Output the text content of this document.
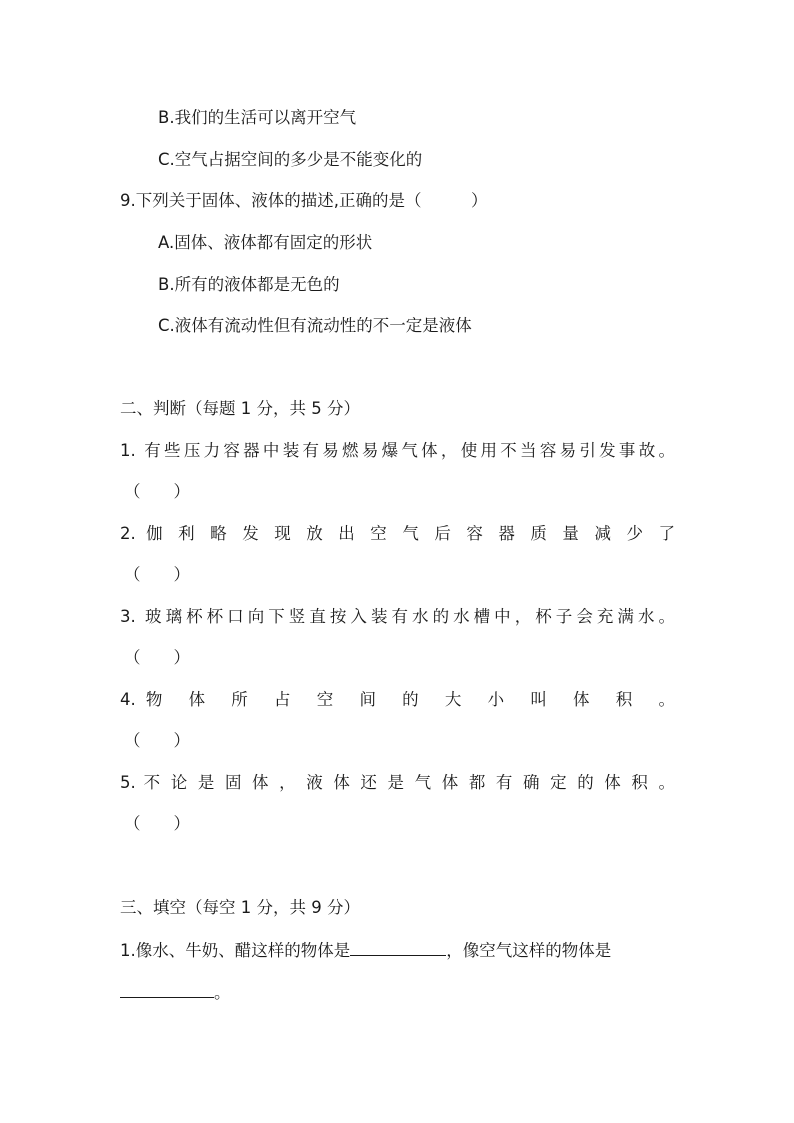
B.我们的生活可以离开空气
C.空气占据空间的多少是不能变化的
9.下列关于固体、液体的描述,正确的是（　　　）
A.固体、液体都有固定的形状
B.所有的液体都是无色的
C.液体有流动性但有流动性的不一定是液体
二、判断（每题 1 分，共 5 分）
1. 有些压力容器中装有易燃易爆气体，使用不当容易引发事故。
（　　）
2. 伽 利 略 发 现 放 出 空 气 后 容 器 质 量 减 少 了
（　　）
3. 玻璃杯杯口向下竖直按入装有水的水槽中，杯子会充满水。
（　　）
4. 物　体　所　占　空　间　的　大　小　叫　体　积　。
（　　）
5. 不 论 是 固 体 ， 液 体 还 是 气 体 都 有 确 定 的 体 积 。
（　　）
三、填空（每空 1 分，共 9 分）
1.像水、牛奶、醋这样的物体是	，像空气这样的物体是
。
